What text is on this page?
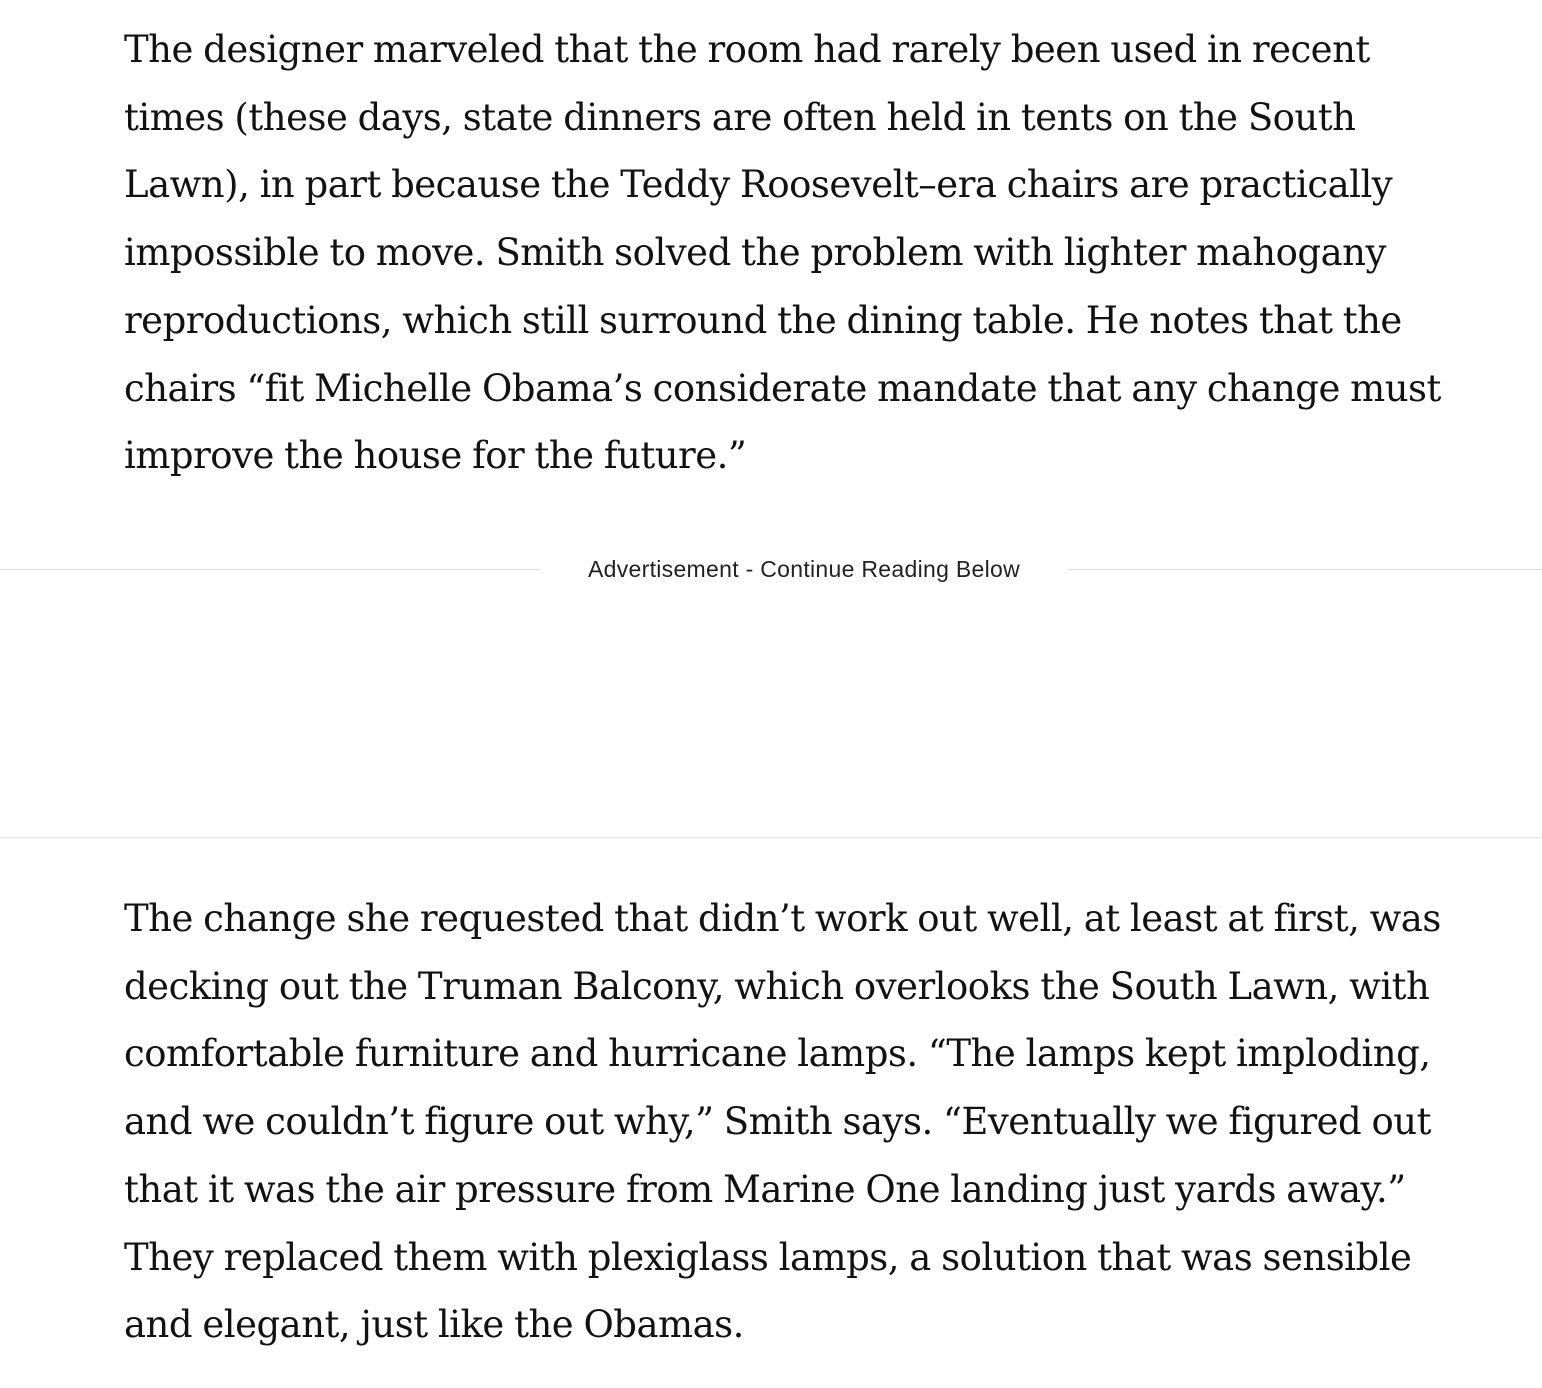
The designer marveled that the room had rarely been used in recent times (these days, state dinners are often held in tents on the South Lawn), in part because the Teddy Roosevelt–era chairs are practically impossible to move. Smith solved the problem with lighter mahogany reproductions, which still surround the dining table. He notes that the chairs “fit Michelle Obama’s considerate mandate that any change must improve the house for the future.”

Advertisement - Continue Reading Below

The change she requested that didn’t work out well, at least at first, was decking out the Truman Balcony, which overlooks the South Lawn, with comfortable furniture and hurricane lamps. “The lamps kept imploding, and we couldn’t figure out why,” Smith says. “Eventually we figured out that it was the air pressure from Marine One landing just yards away.” They replaced them with plexiglass lamps, a solution that was sensible and elegant, just like the Obamas.
